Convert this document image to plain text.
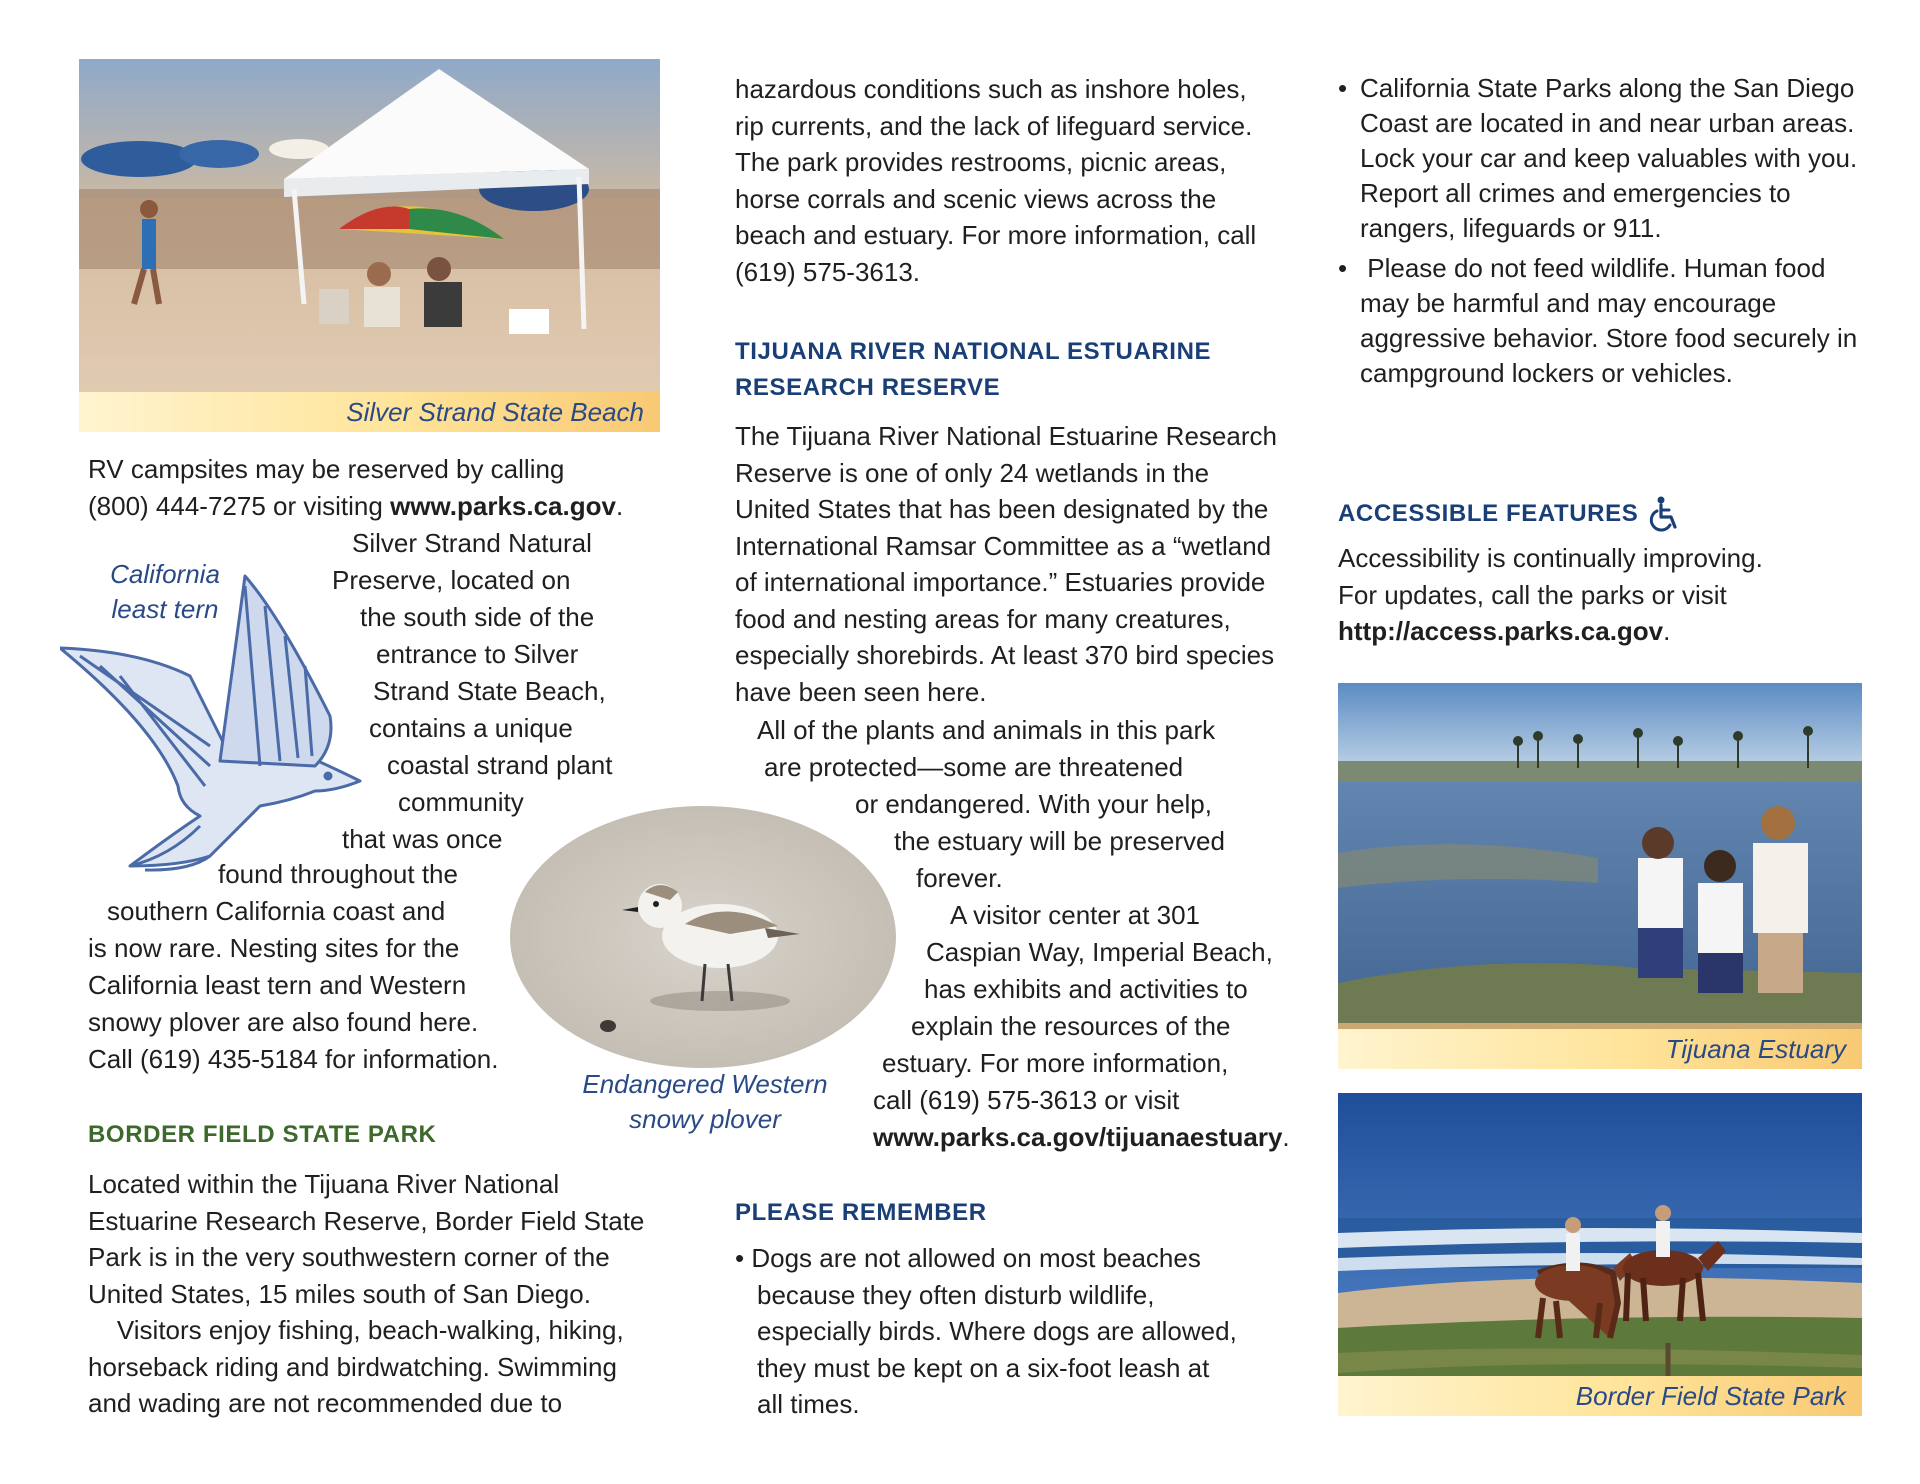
Silver Strand State Beach
RV campsites may be reserved by calling
(800) 444-7275 or visiting www.parks.ca.gov.
California
least tern
Silver Strand Natural
Preserve, located on
the south side of the
entrance to Silver
Strand State Beach,
contains a unique
coastal strand plant
community
that was once
found throughout the
southern California coast and
is now rare. Nesting sites for the
California least tern and Western
snowy plover are also found here.
Call (619) 435-5184 for information.
BORDER FIELD STATE PARK
Located within the Tijuana River National
Estuarine Research Reserve, Border Field State
Park is in the very southwestern corner of the
United States, 15 miles south of San Diego.
Visitors enjoy fishing, beach-walking, hiking,
horseback riding and birdwatching. Swimming
and wading are not recommended due to
Endangered Western
snowy plover
hazardous conditions such as inshore holes,
rip currents, and the lack of lifeguard service.
The park provides restrooms, picnic areas,
horse corrals and scenic views across the
beach and estuary. For more information, call
(619) 575-3613.
TIJUANA RIVER NATIONAL ESTUARINE
RESEARCH RESERVE
The Tijuana River National Estuarine Research
Reserve is one of only 24 wetlands in the
United States that has been designated by the
International Ramsar Committee as a “wetland
of international importance.” Estuaries provide
food and nesting areas for many creatures,
especially shorebirds. At least 370 bird species
have been seen here.
All of the plants and animals in this park
are protected—some are threatened
or endangered. With your help,
the estuary will be preserved
forever.
A visitor center at 301
Caspian Way, Imperial Beach,
has exhibits and activities to
explain the resources of the
estuary. For more information,
call (619) 575-3613 or visit
www.parks.ca.gov/tijuanaestuary.
PLEASE REMEMBER
• Dogs are not allowed on most beaches
because they often disturb wildlife,
especially birds. Where dogs are allowed,
they must be kept on a six-foot leash at
all times.
• California State Parks along the San Diego Coast are located in and near urban areas. Lock your car and keep valuables with you. Report all crimes and emergencies to rangers, lifeguards or 911.
•  Please do not feed wildlife. Human food may be harmful and may encourage aggressive behavior. Store food securely in campground lockers or vehicles.
ACCESSIBLE FEATURES
Accessibility is continually improving.
For updates, call the parks or visit
http://access.parks.ca.gov.
Tijuana Estuary
Border Field State Park
